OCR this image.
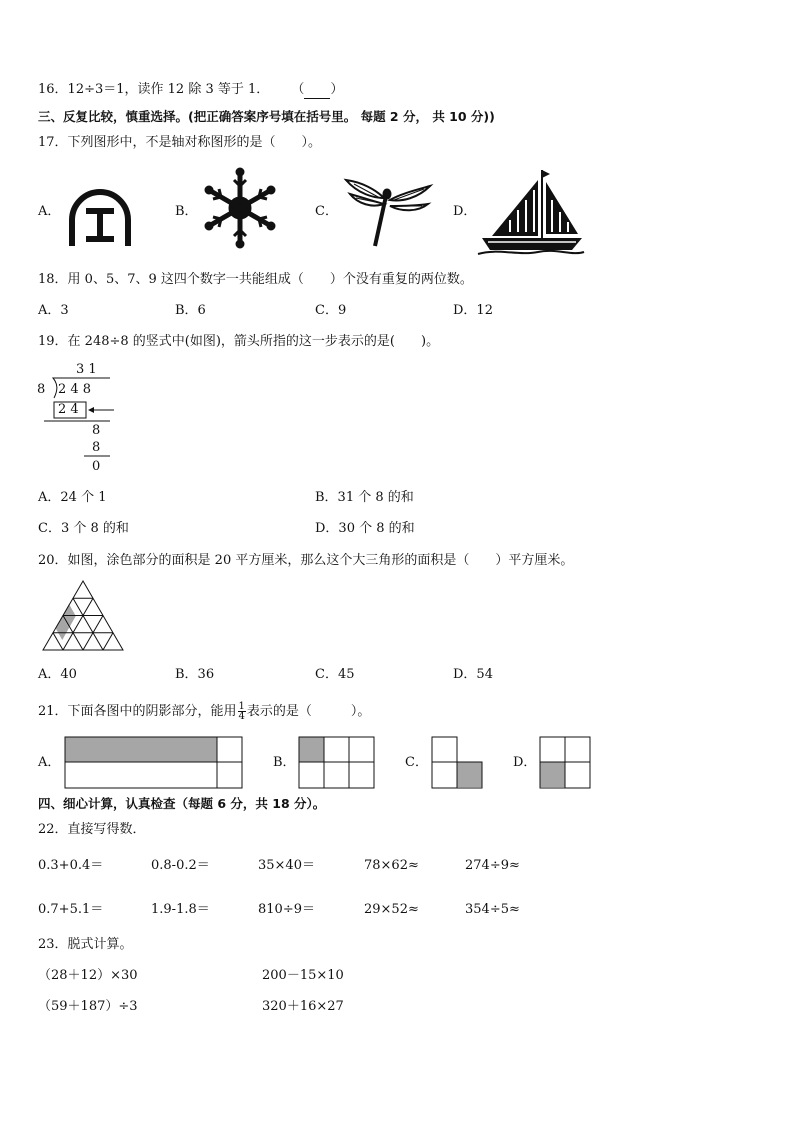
16．12÷3＝1，读作 12 除 3 等于 1． （ ）
三、反复比较，慎重选择。(把正确答案序号填在括号里。 每题 2 分， 共 10 分))
17．下列图形中，不是轴对称图形的是（　　）。
A．	B．	C．	D．
18．用 0、5、7、9 这四个数字一共能组成（　　）个没有重复的两位数。
A．3	B．6	C．9	D．12
19．在 248÷8 的竖式中(如图)，箭头所指的这一步表示的是(　　)。
3 1
8 2 4 8
2 4
8
8
0
A．24 个 1	B．31 个 8 的和
C．3 个 8 的和	D．30 个 8 的和
20．如图，涂色部分的面积是 20 平方厘米，那么这个大三角形的面积是（　　）平方厘米。
A．40	B．36	C．45	D．54
21．下面各图中的阴影部分，能用 $\frac{1}{4}$ 表示的是（　　　）。
A．	B．	C．	D．
四、细心计算，认真检查（每题 6 分，共 18 分）。
22．直接写得数．
0.3+0.4＝	0.8-0.2＝	35×40＝	78×62≈	274÷9≈
0.7+5.1＝	1.9-1.8＝	810÷9＝	29×52≈	354÷5≈
23．脱式计算。
（28＋12）×30	200－15×10
（59＋187）÷3	320＋16×27
